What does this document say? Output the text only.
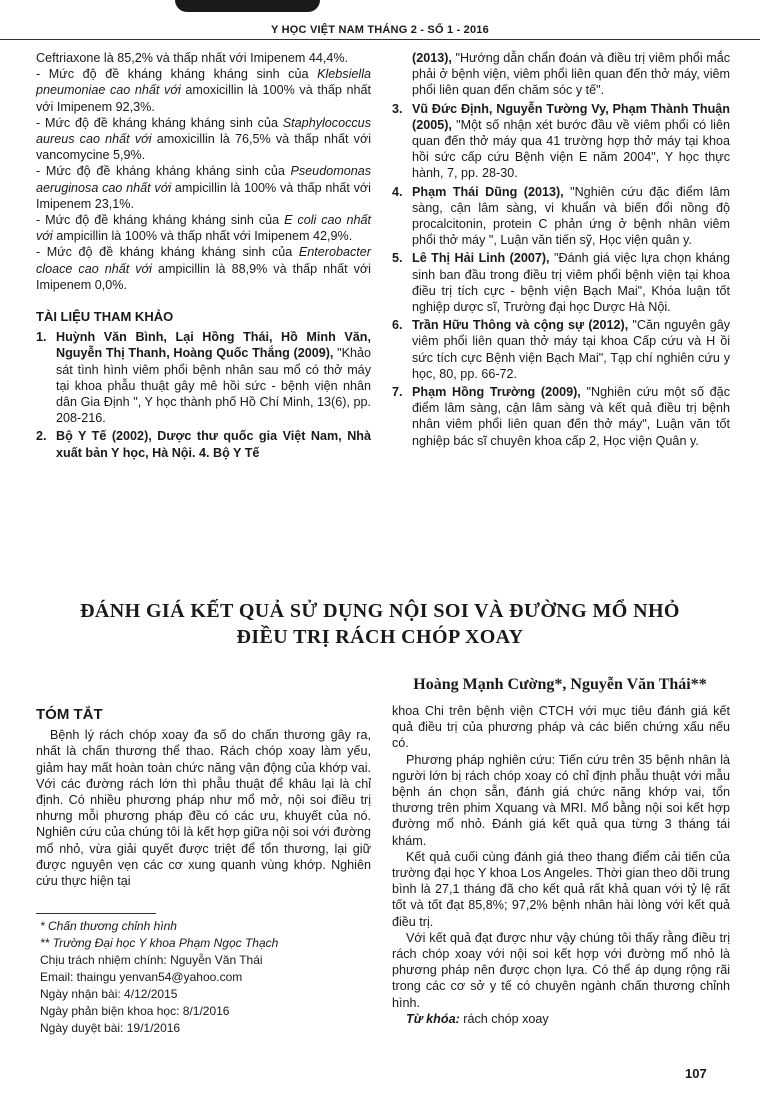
Y HỌC VIỆT NAM THÁNG 2 - SỐ 1 - 2016
Ceftriaxone là 85,2% và thấp nhất với Imipenem 44,4%.
- Mức độ đề kháng kháng kháng sinh của Klebsiella pneumoniae cao nhất với amoxicillin là 100% và thấp nhất với Imipenem 92,3%.
- Mức độ đề kháng kháng kháng sinh của Staphylococcus aureus cao nhất với amoxicillin là 76,5% và thấp nhất với vancomycine 5,9%.
- Mức độ đề kháng kháng kháng sinh của Pseudomonas aeruginosa cao nhất với ampicillin là 100% và thấp nhất với Imipenem 23,1%.
- Mức độ đề kháng kháng kháng sinh của E coli cao nhất với ampicillin là 100% và thấp nhất với Imipenem 42,9%.
- Mức độ đề kháng kháng kháng sinh của Enterobacter cloace cao nhất với ampicillin là 88,9% và thấp nhất với Imipenem 0,0%.
TÀI LIỆU THAM KHẢO
1. Huỳnh Văn Bình, Lại Hồng Thái, Hồ Minh Văn, Nguyễn Thị Thanh, Hoàng Quốc Thắng (2009), "Khảo sát tình hình viêm phổi bệnh nhân sau mổ có thở máy tại khoa phẫu thuật gây mê hồi sức - bệnh viện nhân dân Gia Định ", Y học thành phố Hồ Chí Minh, 13(6), pp. 208-216.
2. Bộ Y Tế (2002), Dược thư quốc gia Việt Nam, Nhà xuất bản Y học, Hà Nội. 4. Bộ Y Tế
(2013), "Hướng dẫn chẩn đoán và điều trị viêm phổi mắc phải ở bệnh viện, viêm phổi liên quan đến thở máy, viêm phổi liên quan đến chăm sóc y tế".
3. Vũ Đức Định, Nguyễn Tường Vy, Phạm Thành Thuận (2005), "Một số nhận xét bước đầu về viêm phổi có liên quan đến thở máy qua 41 trường hợp thở máy tại khoa hồi sức cấp cứu Bệnh viện E năm 2004", Y học thực hành, 7, pp. 28-30.
4. Phạm Thái Dũng (2013), "Nghiên cứu đặc điểm lâm sàng, cận lâm sàng, vi khuẩn và biến đổi nồng độ procalcitonin, protein C phản ứng ở bệnh nhân viêm phổi thở máy ", Luận văn tiến sỹ, Học viện quân y.
5. Lê Thị Hải Linh (2007), "Đánh giá việc lựa chọn kháng sinh ban đầu trong điều trị viêm phổi bệnh viện tại khoa điều trị tích cực - bệnh viện Bạch Mai", Khóa luận tốt nghiệp dược sĩ, Trường đại học Dược Hà Nội.
6. Trần Hữu Thông và cộng sự (2012), "Căn nguyên gây viêm phổi liên quan thở máy tại khoa Cấp cứu và H ồi sức tích cực Bệnh viện Bạch Mai", Tạp chí nghiên cứu y học, 80, pp. 66-72.
7. Phạm Hồng Trường (2009), "Nghiên cứu một số đặc điểm lâm sàng, cận lâm sàng và kết quả điều trị bệnh nhân viêm phổi liên quan đến thở máy", Luận văn tốt nghiệp bác sĩ chuyên khoa cấp 2, Học viện Quân y.
ĐÁNH GIÁ KẾT QUẢ SỬ DỤNG NỘI SOI VÀ ĐƯỜNG MỔ NHỎ
ĐIỀU TRỊ RÁCH CHÓP XOAY
Hoàng Mạnh Cường*, Nguyễn Văn Thái**
TÓM TẮT
Bệnh lý rách chóp xoay đa số do chấn thương gây ra, nhất là chấn thương thể thao. Rách chóp xoay làm yếu, giảm hay mất hoàn toàn chức năng vận động của khớp vai. Với các đường rách lớn thì phẫu thuật để khâu lại là chỉ định. Có nhiều phương pháp như mổ mở, nội soi điều trị nhưng mỗi phương pháp đều có các ưu, khuyết của nó. Nghiên cứu của chúng tôi là kết hợp giữa nội soi với đường mổ nhỏ, vừa giải quyết được triệt để tổn thương, lại giữ được nguyên vẹn các cơ xung quanh vùng khớp. Nghiên cứu thực hiện tại
khoa Chi trên bệnh viện CTCH với mục tiêu đánh giá kết quả điều trị của phương pháp và các biến chứng xấu nếu có.
Phương pháp nghiên cứu: Tiến cứu trên 35 bệnh nhân là người lớn bị rách chóp xoay có chỉ định phẫu thuật với mẫu bệnh án chọn sẵn, đánh giá chức năng khớp vai, tổn thương trên phim Xquang và MRI. Mổ bằng nội soi kết hợp đường mổ nhỏ. Đánh giá kết quả qua từng 3 tháng tái khám.
Kết quả cuối cùng đánh giá theo thang điểm cải tiến của trường đại học Y khoa Los Angeles. Thời gian theo dõi trung bình là 27,1 tháng đã cho kết quả rất khả quan với tỷ lệ rất tốt và tốt đạt 85,8%; 97,2% bệnh nhân hài lòng với kết quả điều trị.
Với kết quả đạt được như vậy chúng tôi thấy rằng điều trị rách chóp xoay với nội soi kết hợp với đường mổ nhỏ là phương pháp nên được chọn lựa. Có thể áp dụng rộng rãi trong các cơ sở y tế có chuyên ngành chấn thương chỉnh hình.
Từ khóa: rách chóp xoay
* Chấn thương chỉnh hình
** Trường Đại học Y khoa Phạm Ngọc Thạch
Chịu trách nhiệm chính: Nguyễn Văn Thái
Email: thaingu yenvan54@yahoo.com
Ngày nhận bài: 4/12/2015
Ngày phản biện khoa học: 8/1/2016
Ngày duyệt bài: 19/1/2016
107
